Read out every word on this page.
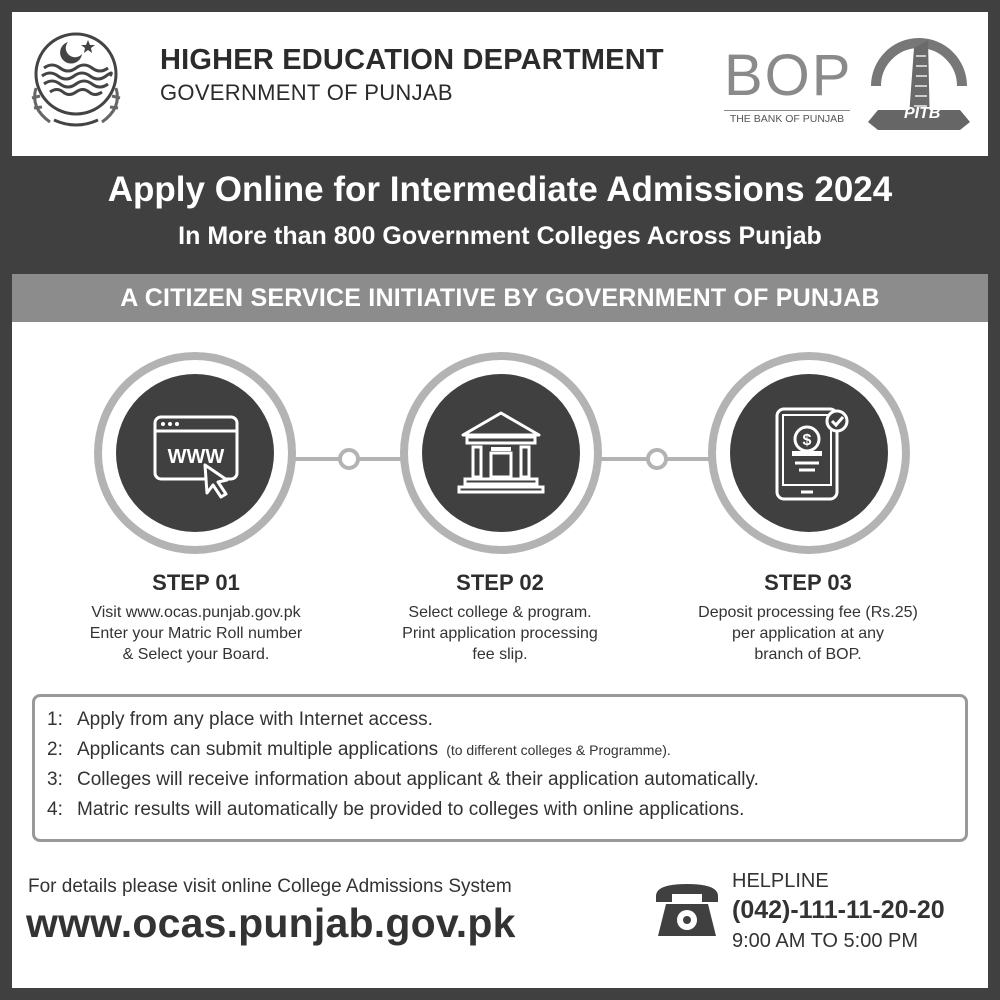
HIGHER EDUCATION DEPARTMENT
GOVERNMENT OF PUNJAB	BOP
THE BANK OF PUNJAB	PITB
Apply Online for Intermediate Admissions 2024
In More than 800 Government Colleges Across Punjab
A CITIZEN SERVICE INITIATIVE BY GOVERNMENT OF PUNJAB
WWW
$
STEP 01
Visit www.ocas.punjab.gov.pk
Enter your Matric Roll number
& Select your Board.
STEP 02
Select college & program.
Print application processing
fee slip.
STEP 03
Deposit processing fee (Rs.25)
per application at any
branch of BOP.
1: Apply from any place with Internet access.
2: Applicants can submit multiple applications (to different colleges & Programme).
3: Colleges will receive information about applicant & their application automatically.
4: Matric results will automatically be provided to colleges with online applications.
For details please visit online College Admissions System
www.ocas.punjab.gov.pk
HELPLINE
(042)-111-11-20-20
9:00 AM TO 5:00 PM
